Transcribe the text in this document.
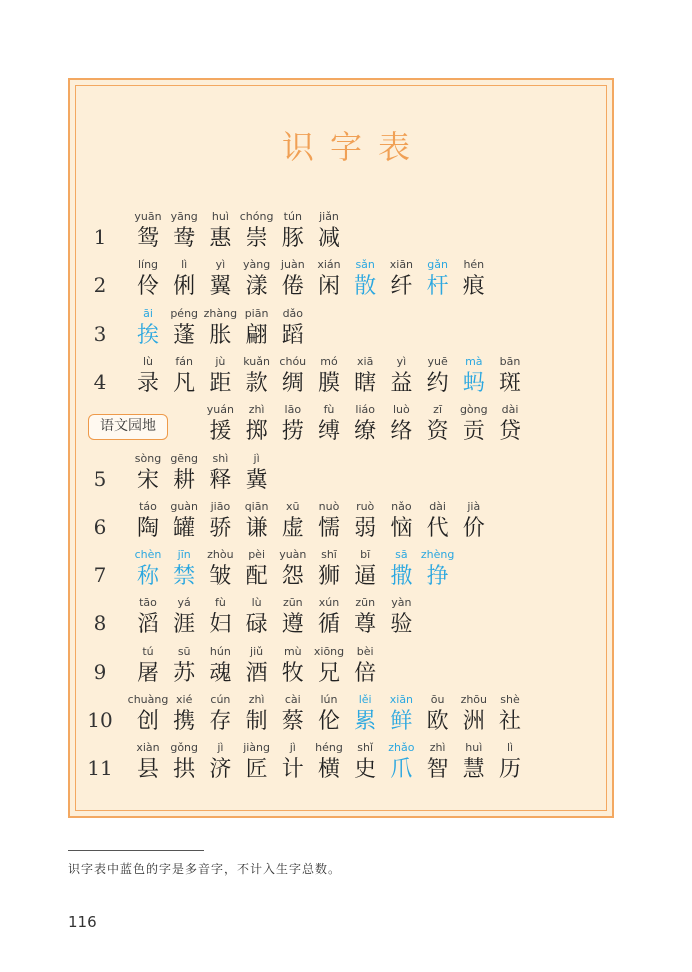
识字表
1
yuān
鸳
yāng
鸯
huì
惠
chóng
崇
tún
豚
jiǎn
减
2
líng
伶
lì
俐
yì
翼
yàng
漾
juàn
倦
xián
闲
sǎn
散
xiān
纤
gǎn
杆
hén
痕
3
āi
挨
péng
蓬
zhàng
胀
piān
翩
dǎo
蹈
4
lù
录
fán
凡
jù
距
kuǎn
款
chóu
绸
mó
膜
xiā
瞎
yì
益
yuē
约
mà
蚂
bān
斑
语文园地
yuán
援
zhì
掷
lāo
捞
fù
缚
liáo
缭
luò
络
zī
资
gòng
贡
dài
贷
5
sòng
宋
gēng
耕
shì
释
jì
冀
6
táo
陶
guàn
罐
jiāo
骄
qiān
谦
xū
虚
nuò
懦
ruò
弱
nǎo
恼
dài
代
jià
价
7
chèn
称
jīn
禁
zhòu
皱
pèi
配
yuàn
怨
shī
狮
bī
逼
sā
撒
zhèng
挣
8
tāo
滔
yá
涯
fù
妇
lù
碌
zūn
遵
xún
循
zūn
尊
yàn
验
9
tú
屠
sū
苏
hún
魂
jiǔ
酒
mù
牧
xiōng
兄
bèi
倍
10
chuàng
创
xié
携
cún
存
zhì
制
cài
蔡
lún
伦
lěi
累
xiān
鲜
ōu
欧
zhōu
洲
shè
社
11
xiàn
县
gǒng
拱
jì
济
jiàng
匠
jì
计
héng
横
shǐ
史
zhǎo
爪
zhì
智
huì
慧
lì
历
识字表中蓝色的字是多音字，不计入生字总数。
116
